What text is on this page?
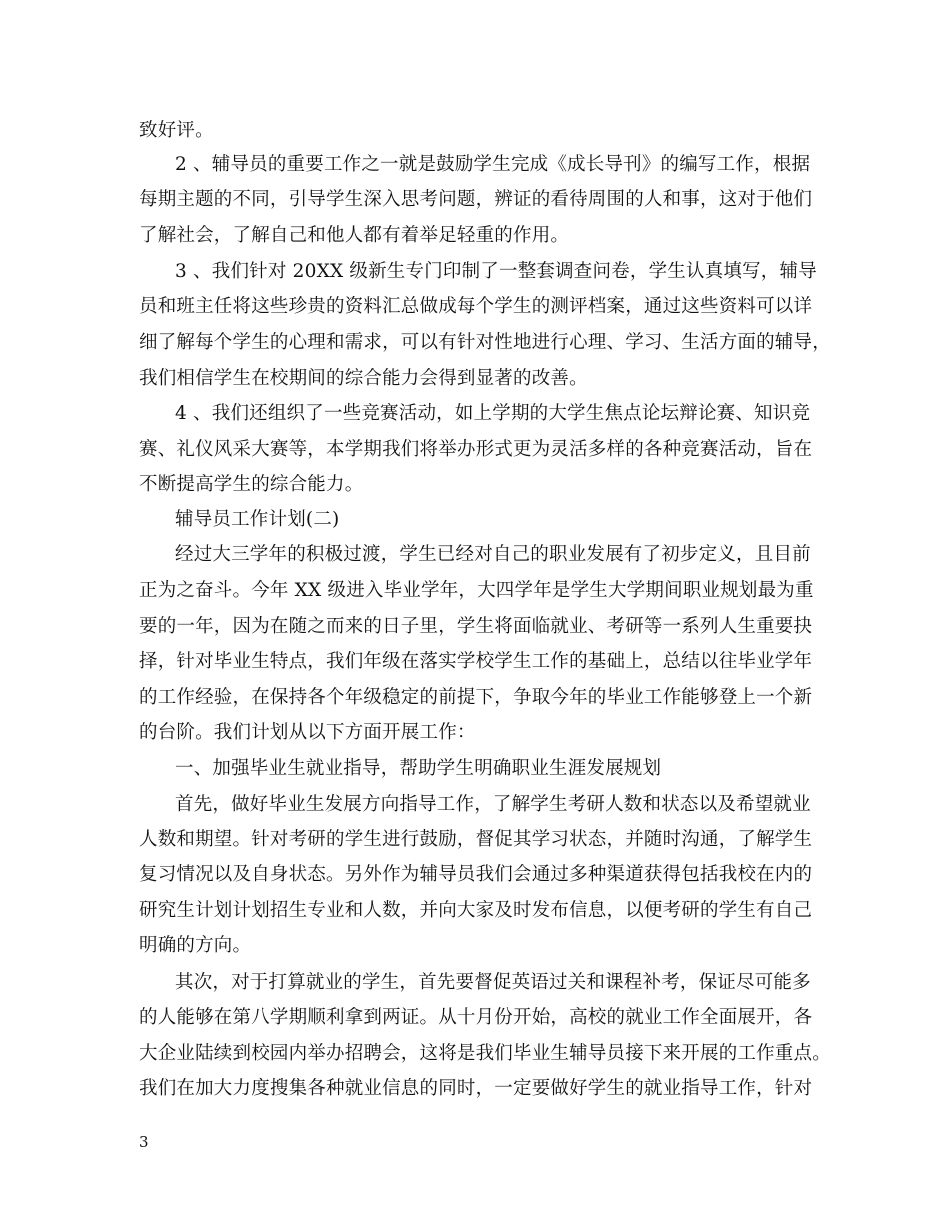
致好评。
2 、辅导员的重要工作之一就是鼓励学生完成《成长导刊》的编写工作，根据
每期主题的不同，引导学生深入思考问题，辨证的看待周围的人和事，这对于他们
了解社会，了解自己和他人都有着举足轻重的作用。
3 、我们针对 20XX 级新生专门印制了一整套调查问卷，学生认真填写，辅导
员和班主任将这些珍贵的资料汇总做成每个学生的测评档案，通过这些资料可以详
细了解每个学生的心理和需求，可以有针对性地进行心理、学习、生活方面的辅导，
我们相信学生在校期间的综合能力会得到显著的改善。
4 、我们还组织了一些竞赛活动，如上学期的大学生焦点论坛辩论赛、知识竞
赛、礼仪风采大赛等，本学期我们将举办形式更为灵活多样的各种竞赛活动，旨在
不断提高学生的综合能力。
辅导员工作计划(二)
经过大三学年的积极过渡，学生已经对自己的职业发展有了初步定义，且目前
正为之奋斗。今年 XX 级进入毕业学年，大四学年是学生大学期间职业规划最为重
要的一年，因为在随之而来的日子里，学生将面临就业、考研等一系列人生重要抉
择，针对毕业生特点，我们年级在落实学校学生工作的基础上，总结以往毕业学年
的工作经验，在保持各个年级稳定的前提下，争取今年的毕业工作能够登上一个新
的台阶。我们计划从以下方面开展工作：
一、加强毕业生就业指导，帮助学生明确职业生涯发展规划
首先，做好毕业生发展方向指导工作，了解学生考研人数和状态以及希望就业
人数和期望。针对考研的学生进行鼓励，督促其学习状态，并随时沟通，了解学生
复习情况以及自身状态。另外作为辅导员我们会通过多种渠道获得包括我校在内的
研究生计划计划招生专业和人数，并向大家及时发布信息，以便考研的学生有自己
明确的方向。
其次，对于打算就业的学生，首先要督促英语过关和课程补考，保证尽可能多
的人能够在第八学期顺利拿到两证。从十月份开始，高校的就业工作全面展开，各
大企业陆续到校园内举办招聘会，这将是我们毕业生辅导员接下来开展的工作重点。
我们在加大力度搜集各种就业信息的同时，一定要做好学生的就业指导工作，针对
3
